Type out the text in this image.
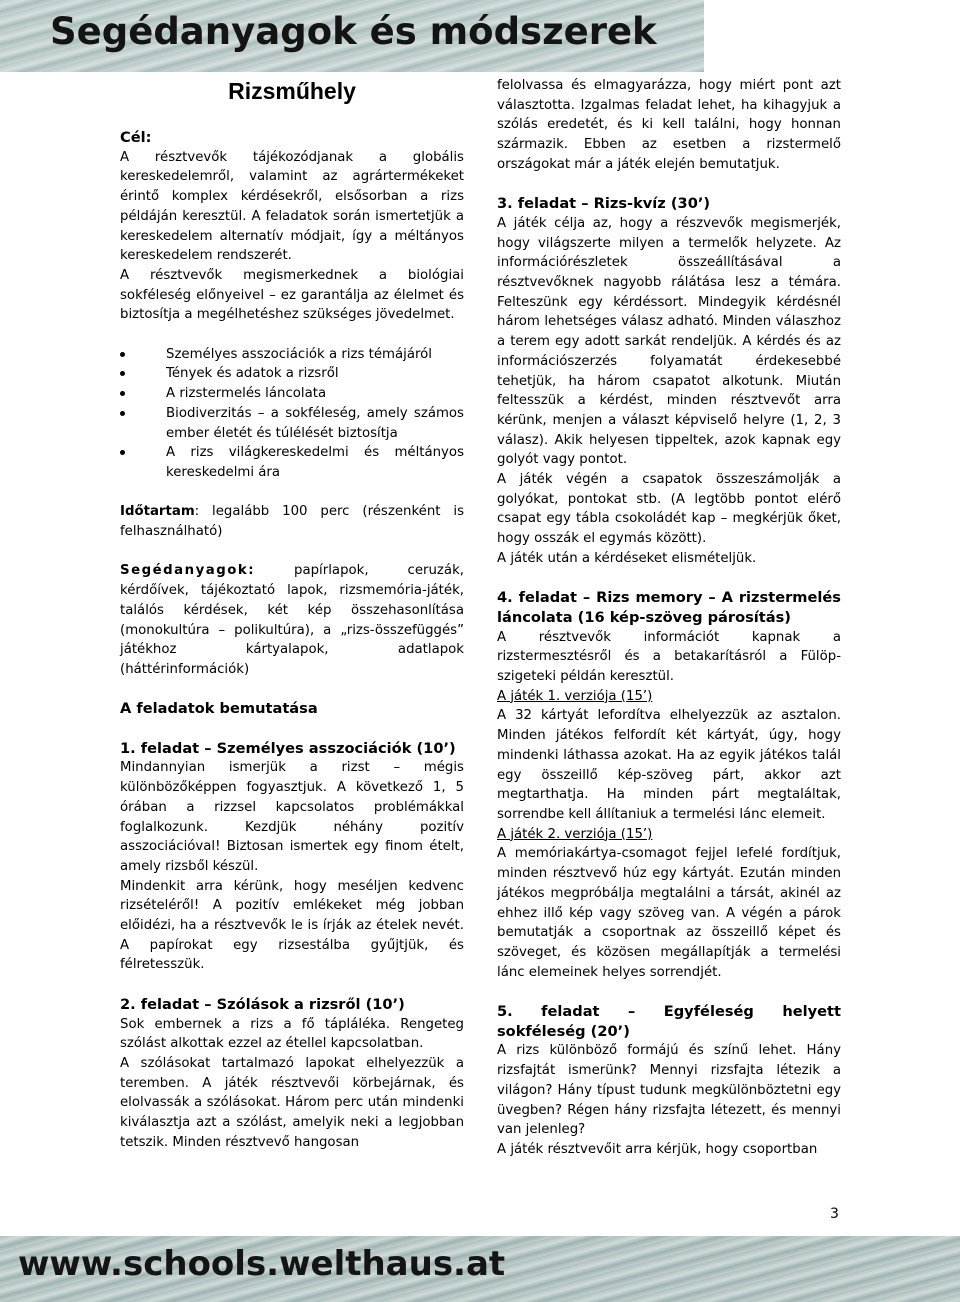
Segédanyagok és módszerek
Rizsműhely

Cél:

A résztvevők tájékozódjanak a globális kereskedelemről, valamint az agrártermékeket érintő komplex kérdésekről, elsősorban a rizs példáján keresztül. A feladatok során ismertetjük a kereskedelem alternatív módjait, így a méltányos kereskedelem rendszerét.

A résztvevők megismerkednek a biológiai sokféleség előnyeivel – ez garantálja az élelmet és biztosítja a megélhetéshez szükséges jövedelmet.

Személyes asszociációk a rizs témájáról
Tények és adatok a rizsről
A rizstermelés láncolata
Biodiverzitás – a sokféleség, amely számos ember életét és túlélését biztosítja
A rizs világkereskedelmi és méltányos kereskedelmi ára

Időtartam: legalább 100 perc (részenként is felhasználható)

Segédanyagok: papírlapok, ceruzák, kérdőívek, tájékoztató lapok, rizsmemória-játék, találós kérdések, két kép összehasonlítása (monokultúra – polikultúra), a „rizs-összefüggés” játékhoz kártyalapok, adatlapok (háttérinformációk)

A feladatok bemutatása

1. feladat – Személyes asszociációk (10’)

Mindannyian ismerjük a rizst – mégis különbözőképpen fogyasztjuk. A következő 1, 5 órában a rizzsel kapcsolatos problémákkal foglalkozunk. Kezdjük néhány pozitív asszociációval! Biztosan ismertek egy finom ételt, amely rizsből készül.

Mindenkit arra kérünk, hogy meséljen kedvenc rizsételéről! A pozitív emlékeket még jobban előidézi, ha a résztvevők le is írják az ételek nevét. A papírokat egy rizsestálba gyűjtjük, és félretesszük.

2. feladat – Szólások a rizsről (10’)

Sok embernek a rizs a fő tápláléka. Rengeteg szólást alkottak ezzel az étellel kapcsolatban.

A szólásokat tartalmazó lapokat elhelyezzük a teremben. A játék résztvevői körbejárnak, és elolvassák a szólásokat. Három perc után mindenki kiválasztja azt a szólást, amelyik neki a legjobban tetszik. Minden résztvevő hangosan

felolvassa és elmagyarázza, hogy miért pont azt választotta. Izgalmas feladat lehet, ha kihagyjuk a szólás eredetét, és ki kell találni, hogy honnan származik. Ebben az esetben a rizstermelő országokat már a játék elején bemutatjuk.

3. feladat – Rizs-kvíz (30’)

A játék célja az, hogy a részvevők megismerjék, hogy világszerte milyen a termelők helyzete. Az információrészletek összeállításával a résztvevőknek nagyobb rálátása lesz a témára. Felteszünk egy kérdéssort. Mindegyik kérdésnél három lehetséges válasz adható. Minden válaszhoz a terem egy adott sarkát rendeljük. A kérdés és az információszerzés folyamatát érdekesebbé tehetjük, ha három csapatot alkotunk. Miután feltesszük a kérdést, minden résztvevőt arra kérünk, menjen a választ képviselő helyre (1, 2, 3 válasz). Akik helyesen tippeltek, azok kapnak egy golyót vagy pontot.

A játék végén a csapatok összeszámolják a golyókat, pontokat stb. (A legtöbb pontot elérő csapat egy tábla csokoládét kap – megkérjük őket, hogy osszák el egymás között).

A játék után a kérdéseket elismételjük.

4. feladat – Rizs memory – A rizstermelés láncolata (16 kép-szöveg párosítás)

A résztvevők információt kapnak a rizstermesztésről és a betakarításról a Fülöp-szigeteki példán keresztül.

A játék 1. verziója (15’)

A 32 kártyát lefordítva elhelyezzük az asztalon. Minden játékos felfordít két kártyát, úgy, hogy mindenki láthassa azokat. Ha az egyik játékos talál egy összeillő kép-szöveg párt, akkor azt megtarthatja. Ha minden párt megtaláltak, sorrendbe kell állítaniuk a termelési lánc elemeit.

A játék 2. verziója (15’)

A memóriakártya-csomagot fejjel lefelé fordítjuk, minden résztvevő húz egy kártyát. Ezután minden játékos megpróbálja megtalálni a társát, akinél az ehhez illő kép vagy szöveg van. A végén a párok bemutatják a csoportnak az összeillő képet és szöveget, és közösen megállapítják a termelési lánc elemeinek helyes sorrendjét.

5. feladat – Egyféleség helyett sokféleség (20’)

A rizs különböző formájú és színű lehet. Hány rizsfajtát ismerünk? Mennyi rizsfajta létezik a világon? Hány típust tudunk megkülönböztetni egy üvegben? Régen hány rizsfajta létezett, és mennyi van jelenleg?

A játék résztvevőit arra kérjük, hogy csoportban

3
www.schools.welthaus.at
